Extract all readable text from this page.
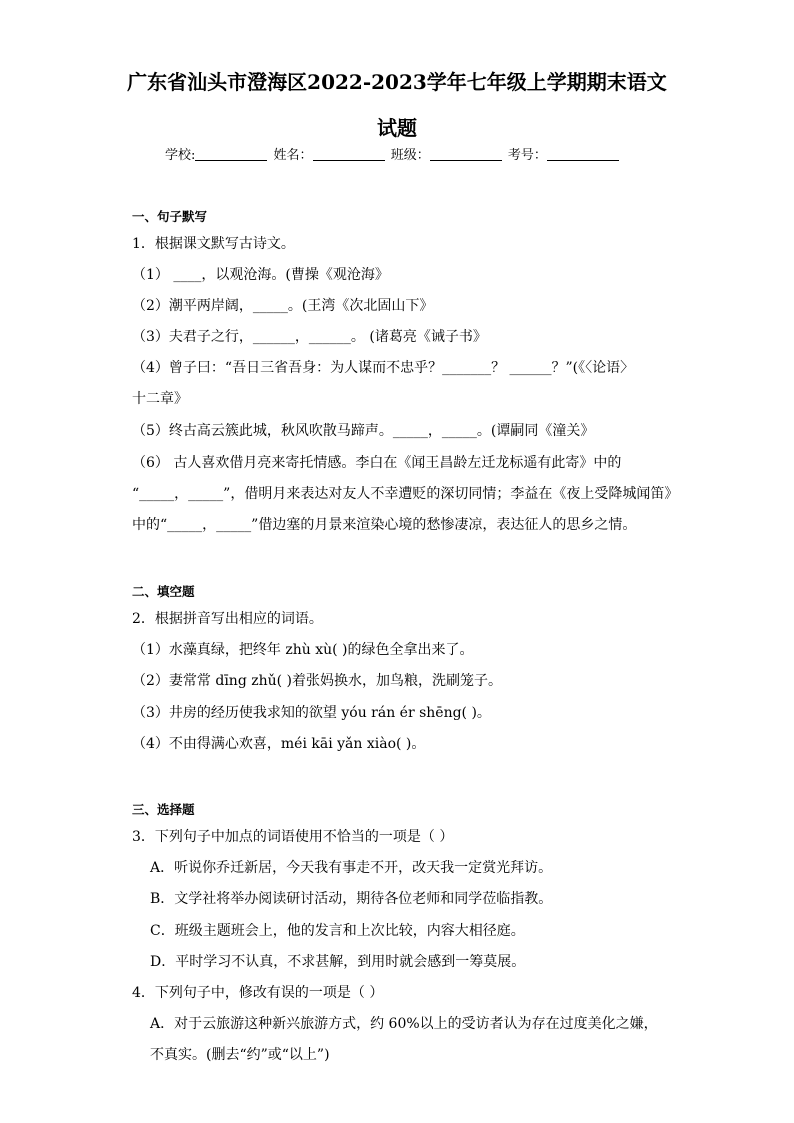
广东省汕头市澄海区2022-2023学年七年级上学期期末语文
试题
学校:	姓名：	班级：	考号：
一、句子默写
1．根据课文默写古诗文。
（1） ____，以观沧海。(曹操《观沧海》
（2）潮平两岸阔，_____。(王湾《次北固山下》
（3）夫君子之行，______，______。 (诸葛亮《诫子书》
（4）曾子曰：“吾日三省吾身：为人谋而不忠乎？_______？ ______？”(《〈论语〉
十二章》
（5）终古高云簇此城，秋风吹散马蹄声。_____，_____。(谭嗣同《潼关》
（6） 古人喜欢借月亮来寄托情感。李白在《闻王昌龄左迁龙标遥有此寄》中的
“_____，_____”，借明月来表达对友人不幸遭贬的深切同情；李益在《夜上受降城闻笛》
中的“_____，_____”借边塞的月景来渲染心境的愁惨凄凉，表达征人的思乡之情。
二、填空题
2．根据拼音写出相应的词语。
（1）水藻真绿，把终年 zhù xù( )的绿色全拿出来了。
（2）妻常常 dīng zhǔ( )着张妈换水，加鸟粮，洗刷笼子。
（3）井房的经历使我求知的欲望 yóu rán ér shēng( )。
（4）不由得满心欢喜，méi kāi yǎn xiào( )。
三、选择题
3．下列句子中加点的词语使用不恰当的一项是（ ）
A．听说你乔迁新居，今天我有事走不开，改天我一定赏光拜访。
B．文学社将举办阅读研讨活动，期待各位老师和同学莅临指教。
C．班级主题班会上，他的发言和上次比较，内容大相径庭。
D．平时学习不认真，不求甚解，到用时就会感到一筹莫展。
4．下列句子中，修改有误的一项是（ ）
A．对于云旅游这种新兴旅游方式，约 60%以上的受访者认为存在过度美化之嫌，
不真实。(删去“约”或“以上”)
